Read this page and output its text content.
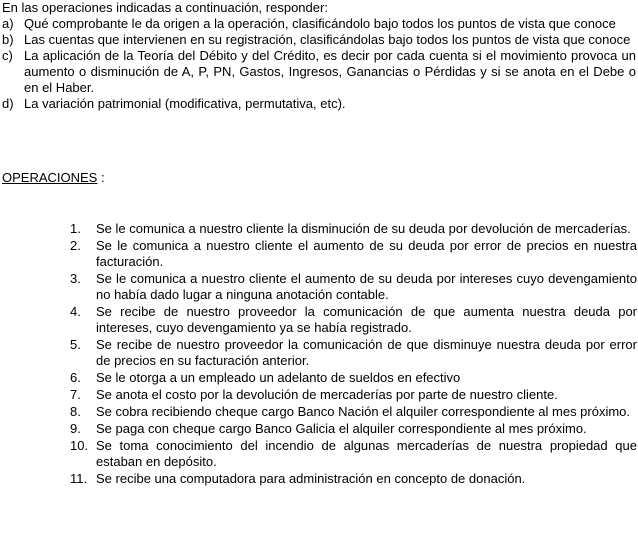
En las operaciones indicadas a continuación, responder:

a) Qué comprobante le da origen a la operación, clasificándolo bajo todos los puntos de vista que conoce
b) Las cuentas que intervienen en su registración, clasificándolas bajo todos los puntos de vista que conoce
c) La aplicación de la Teoría del Débito y del Crédito, es decir por cada cuenta si el movimiento provoca un aumento o disminución de A, P, PN, Gastos, Ingresos, Ganancias o Pérdidas y si se anota en el Debe o en el Haber.
d) La variación patrimonial (modificativa, permutativa, etc).

OPERACIONES :

1.	Se le comunica a nuestro cliente la disminución de su deuda por devolución de mercaderías.
2.	Se le comunica a nuestro cliente el aumento de su deuda por error de precios en nuestra facturación.
3.	Se le comunica a nuestro cliente el aumento de su deuda por intereses cuyo devengamiento no había dado lugar a ninguna anotación contable.
4.	Se recibe de nuestro proveedor la comunicación de que aumenta nuestra deuda por intereses, cuyo devengamiento ya se había registrado.
5.	Se recibe de nuestro proveedor la comunicación de que disminuye nuestra deuda por error de precios en su facturación anterior.
6.	Se le otorga a un empleado un adelanto de sueldos en efectivo
7.	Se anota el costo por la devolución de mercaderías por parte de nuestro cliente.
8.	Se cobra recibiendo cheque cargo Banco Nación el alquiler correspondiente al mes próximo.
9.	Se paga con cheque cargo Banco Galicia el alquiler correspondiente al mes próximo.
10. Se toma conocimiento del incendio de algunas mercaderías de nuestra propiedad que estaban en depósito.
11. Se recibe una computadora para administración en concepto de donación.
